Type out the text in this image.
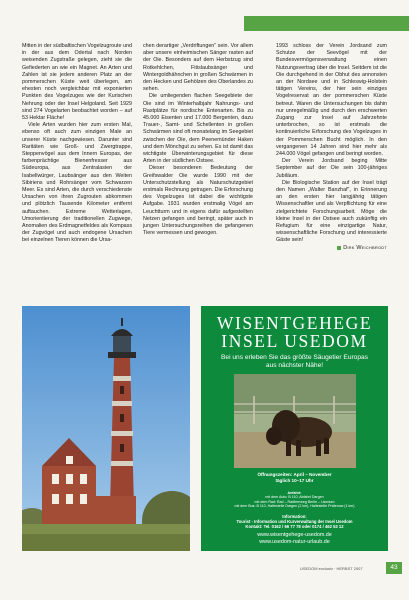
Mitten in der südbaltischen Vogelzugroute und in der aus dem Odertal nach Norden weisenden Zugstraße gelegen, zieht sie die Gefiederten an wie ein Magnet. An Arten und Zahlen ist sie jedem anderen Platz an der pommerschen Küste weit überlegen, am ehesten noch vergleichbar mit exponierten Punkten des Vogelzuges wie der Kurischen Nehrung oder der Insel Helgoland. Seit 1929 sind 274 Vogelarten beobachtet worden – auf 53 Hektar Fläche!

Viele Arten wurden hier zum ersten Mal, ebenso oft auch zum einzigen Male an unserer Küste nachgewiesen. Darunter sind Raritäten wie Groß- und Zwergtrappe, Steppenvögel aus dem Innern Europas, der farbenprächtige Bienenfresser aus Südeuropa, aus Zentralasien der Isabellwürger, Laubsänger aus den Weiten Sibiriens und Rohrsänger vom Schwarzen Meer. Es sind Arten, die durch verschiedenste Ursachen von ihren Zugrouten abkommen und plötzlich Tausende Kilometer entfernt auftauchen. Extreme Wetterlagen, Umorientierung der traditionellen Zugwege, Anomalien des Erdmagnetfeldes als Kompass der Zugvögel und auch endogene Ursachen bei einzelnen Tieren können die Ursa-

chen derartiger „Verdriftungen“ sein. Vor allem aber unsere einheimischen Sänger rasten auf der Oie. Besonders auf dem Herbstzug sind Rotkehlchen, Fitislaubsänger und Wintergoldhähnchen in großen Schwärmen in den Hecken und Gehölzen des Oberlandes zu sehen.

Die umliegenden flachen Seegebiete der Oie sind im Winterhalbjahr Nahrungs- und Rastplätze für nordische Entenarten. Bis zu 45.000 Eisenten und 17.000 Bergenten, dazu Trauer-, Samt- und Schellenten in großen Schwärmen sind oft monatelang im Seegebiet zwischen der Oie, dem Peenemünder Haken und dem Mönchgut zu sehen. Es ist damit das wichtigste Überwinterungsgebiet für diese Arten in der südlichen Ostsee.

Dieser besonderen Bedeutung der Greifswalder Oie wurde 1990 mit der Unterschutzstellung als Naturschutzgebiet erstmals Rechnung getragen. Die Erforschung des Vogelzuges ist dabei die wichtigste Aufgabe. 1931 wurden erstmalig Vögel am Leuchtturm und in eigens dafür aufgestellten Netzen gefangen und beringt, später auch in jungen Untersuchungsreihen die gefangenen Tiere vermessen und gewogen.

1993 schloss der Verein Jordsand zum Schutze der Seevögel mit der Bundesvermögensverwaltung einen Nutzungsvertrag über die Insel. Seitdem ist die Oie durchgehend in der Obhut des annonsten an der Nordsee und in Schleswig-Holstein tätigen Vereins, der hier sein einziges Vogelreservat an der pommerschen Küste betreut. Waren die Untersuchungen bis dahin nur unregelmäßig und durch den erschwerten Zugang zur Insel auf Jahrzehnte unterbrochen, so ist erstmals die kontinuierliche Erforschung des Vogelzuges in der Pommerschen Bucht möglich. In den vergangenen 14 Jahren sind hier mehr als 244.000 Vögel gefangen und beringt worden.

Der Verein Jordsand beging Mitte September auf der Oie sein 100-jähriges Jubiläum.

Die Biologische Station auf der Insel trägt den Namen „Walter Banzhaf“, in Erinnerung an den ersten hier langjährig tätigen Wissenschaftler und als Verpflichtung für eine zielgerichtete Forschungsarbeit. Möge die kleine Insel in der Ostsee auch zukünftig ein Refugium für eine einzigartige Natur, wissenschaftliche Forschung und interessierte Gäste sein!

Dirk Weichbrodt
WISENTGEHEGE
INSEL USEDOM
Bei uns erleben Sie das größte Säugetier Europas
aus nächster Nähe!
Öffnungszeiten: April – November
täglich 10–17 Uhr
Anfahrt:
mit dem Auto: B 110, Abfahrt Dargen
mit dem Rad: Rad – Radfernweg Berlin – Usedom
mit dem Bus: B 110, Haltestelle Dargen (2 km), Haltestelle Prätenow (1 km)
Information:
Tourist - Information und Kurverwaltung der Insel Usedom
Kontakt: Tel. 0162 / 66 77 78 oder 0174 / 462 53 12
www.wisentgehege-usedom.de
www.usedom-natur-urlaub.de
USEDOM exclusiv · HERBST 2007	43
